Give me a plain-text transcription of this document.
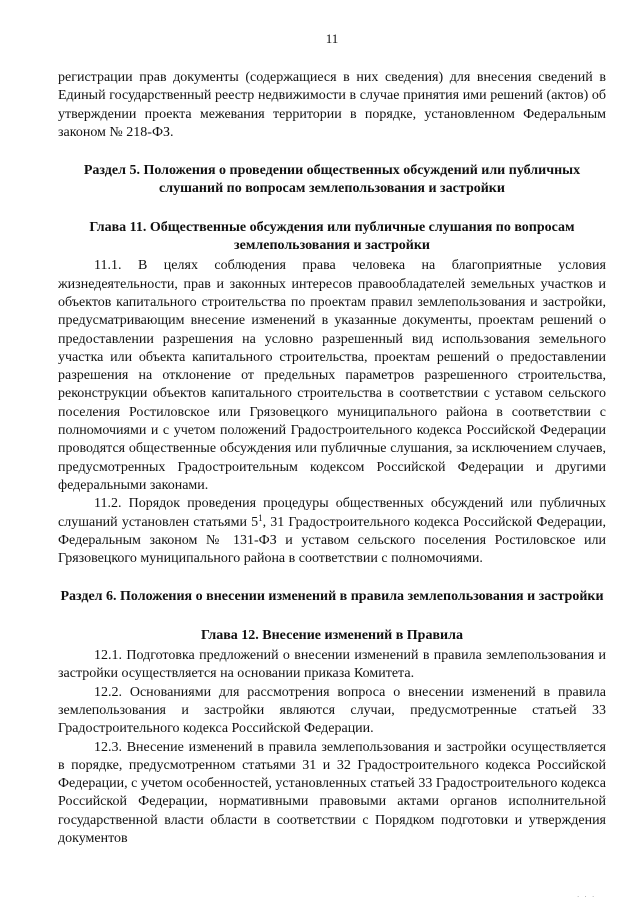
11

регистрации прав документы (содержащиеся в них сведения) для внесения сведений в Единый государственный реестр недвижимости в случае принятия ими решений (актов) об утверждении проекта межевания территории в порядке, установленном Федеральным законом № 218-ФЗ.

Раздел 5. Положения о проведении общественных обсуждений или публичных слушаний по вопросам землепользования и застройки
Глава 11. Общественные обсуждения или публичные слушания по вопросам землепользования и застройки

11.1. В целях соблюдения права человека на благоприятные условия жизнедеятельности, прав и законных интересов правообладателей земельных участков и объектов капитального строительства по проектам правил землепользования и застройки, предусматривающим внесение изменений в указанные документы, проектам решений о предоставлении разрешения на условно разрешенный вид использования земельного участка или объекта капитального строительства, проектам решений о предоставлении разрешения на отклонение от предельных параметров разрешенного строительства, реконструкции объектов капитального строительства в соответствии с уставом сельского поселения Ростиловское или Грязовецкого муниципального района в соответствии с полномочиями и с учетом положений Градостроительного кодекса Российской Федерации проводятся общественные обсуждения или публичные слушания, за исключением случаев, предусмотренных Градостроительным кодексом Российской Федерации и другими федеральными законами.

11.2. Порядок проведения процедуры общественных обсуждений или публичных слушаний установлен статьями $5^1$, 31 Градостроительного кодекса Российской Федерации, Федеральным законом № 131-ФЗ и уставом сельского поселения Ростиловское или Грязовецкого муниципального района в соответствии с полномочиями.

Раздел 6. Положения о внесении изменений в правила землепользования и застройки
Глава 12. Внесение изменений в Правила

12.1. Подготовка предложений о внесении изменений в правила землепользования и застройки осуществляется на основании приказа Комитета.

12.2. Основаниями для рассмотрения вопроса о внесении изменений в правила землепользования и застройки являются случаи, предусмотренные статьей 33 Градостроительного кодекса Российской Федерации.

12.3. Внесение изменений в правила землепользования и застройки осуществляется в порядке, предусмотренном статьями 31 и 32 Градостроительного кодекса Российской Федерации, с учетом особенностей, установленных статьей 33 Градостроительного кодекса Российской Федерации, нормативными правовыми актами органов исполнительной государственной власти области в соответствии с Порядком подготовки и утверждения документов

. . .
